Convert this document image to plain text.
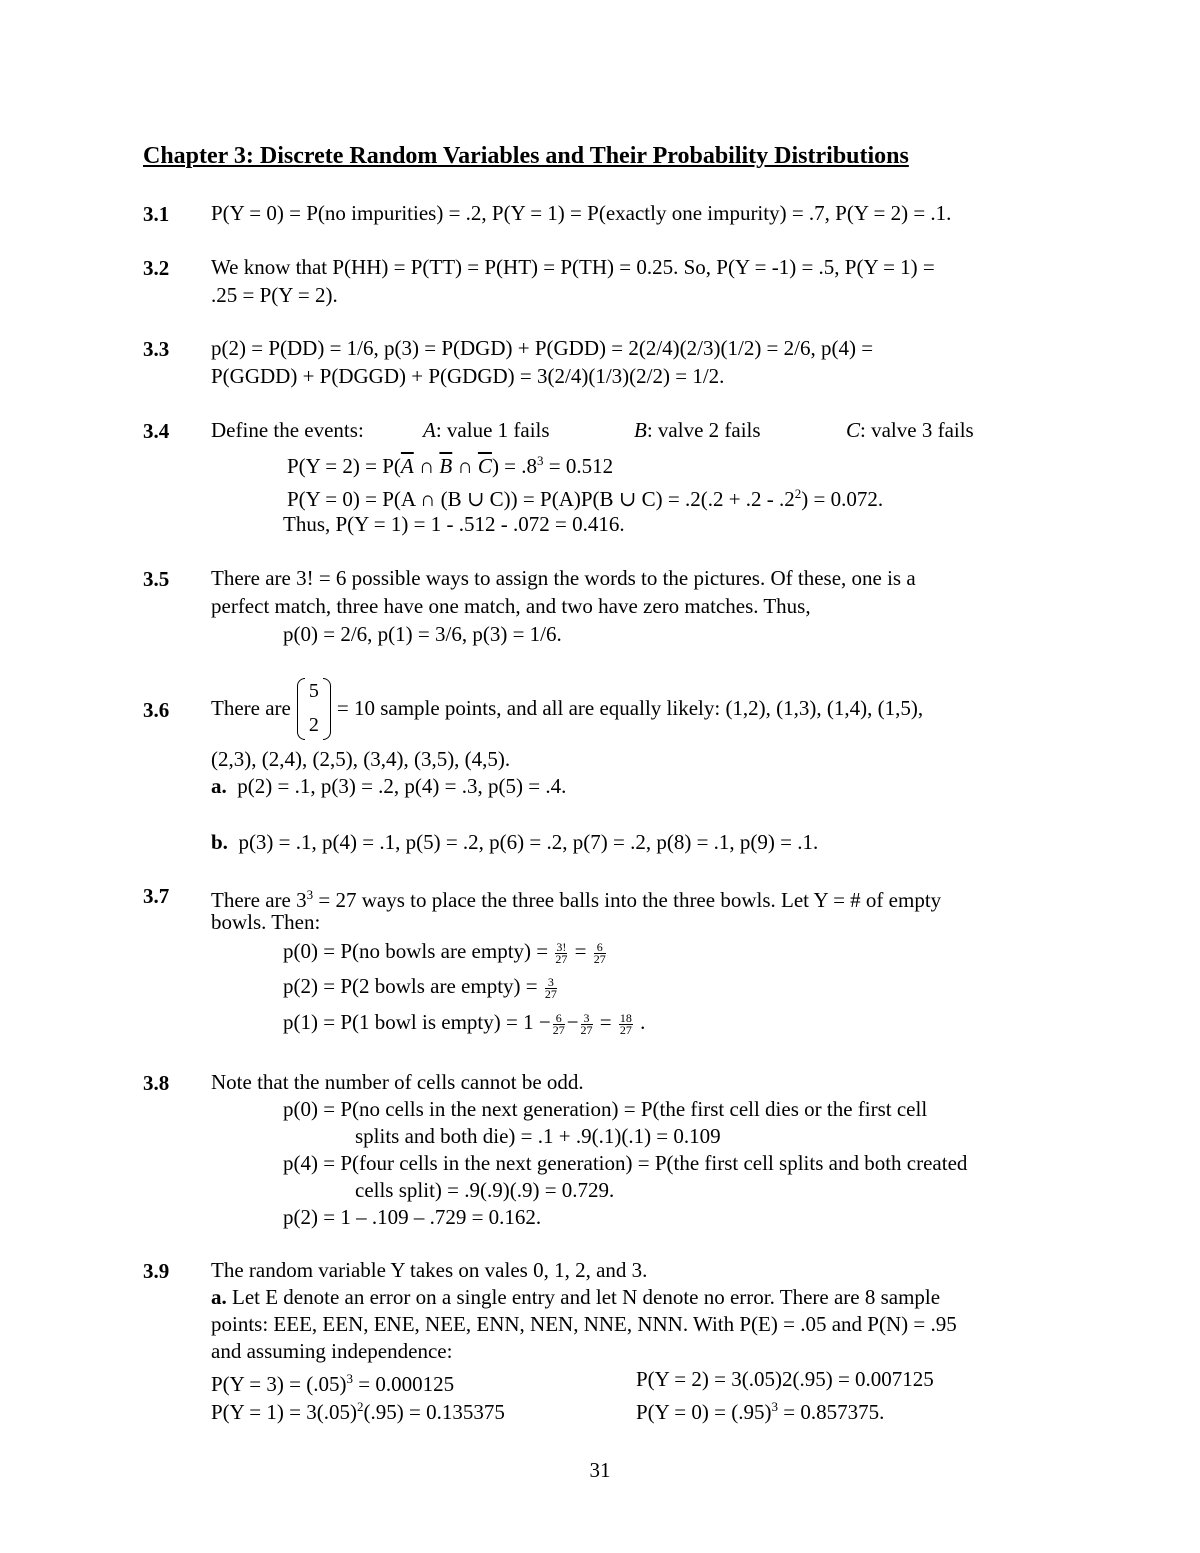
Chapter 3: Discrete Random Variables and Their Probability Distributions
3.1 P(Y = 0) = P(no impurities) = .2, P(Y = 1) = P(exactly one impurity) = .7, P(Y = 2) = .1.
3.2 We know that P(HH) = P(TT) = P(HT) = P(TH) = 0.25. So, P(Y = -1) = .5, P(Y = 1) =
.25 = P(Y = 2).
3.3 p(2) = P(DD) = 1/6, p(3) = P(DGD) + P(GDD) = 2(2/4)(2/3)(1/2) = 2/6, p(4) =
P(GGDD) + P(DGGD) + P(GDGD) = 3(2/4)(1/3)(2/2) = 1/2.
3.4 Define the events:	A: value 1 fails	B: valve 2 fails	C: valve 3 fails
$P(Y = 2) = P(\overline{A}$ ∩ $\overline{B}$ ∩ $\overline{C}) = .8^3 = 0.512$
P(Y = 0) = P(A ∩ (B ∪ C)) = P(A)P(B ∪ $C) = .2(.2 + .2 - .2^2) = 0.072$.
Thus, P(Y = 1) = 1 - .512 - .072 = 0.416.
3.5 There are 3! = 6 possible ways to assign the words to the pictures. Of these, one is a
perfect match, three have one match, and two have zero matches. Thus,
p(0) = 2/6, p(1) = 3/6, p(3) = 1/6.
3.6 There are
5
2
= 10 sample points, and all are equally likely: (1,2), (1,3), (1,4), (1,5),
(2,3), (2,4), (2,5), (3,4), (3,5), (4,5).
a. p(2) = .1, p(3) = .2, p(4) = .3, p(5) = .4.
b. p(3) = .1, p(4) = .1, p(5) = .2, p(6) = .2, p(7) = .2, p(8) = .1, p(9) = .1.
3.7 There are $3^3 = 27$ ways to place the three balls into the three bowls. Let Y = # of empty
bowls. Then:
p(0) = P(no bowls are empty) = $\frac{3!}{27} = \frac{6}{27}$
p(2) = P(2 bowls are empty) = $\frac{3}{27}$
p(1) = P(1 bowl is empty) = $1 - \frac{6}{27} - \frac{3}{27} = \frac{18}{27}$ .
3.8 Note that the number of cells cannot be odd.
p(0) = P(no cells in the next generation) = P(the first cell dies or the first cell
splits and both die) = .1 + .9(.1)(.1) = 0.109
p(4) = P(four cells in the next generation) = P(the first cell splits and both created
cells split) = .9(.9)(.9) = 0.729.
p(2) = 1 – .109 – .729 = 0.162.
3.9 The random variable Y takes on vales 0, 1, 2, and 3.
a. Let E denote an error on a single entry and let N denote no error. There are 8 sample
points: EEE, EEN, ENE, NEE, ENN, NEN, NNE, NNN. With P(E) = .05 and P(N) = .95
and assuming independence:
$P(Y = 3) = (.05)^3 = 0.000125$	P(Y = 2) = 3(.05)2(.95) = 0.007125
$P(Y = 1) = 3(.05)^2(.95) = 0.135375$	$P(Y = 0) = (.95)^3 = 0.857375$.
31
